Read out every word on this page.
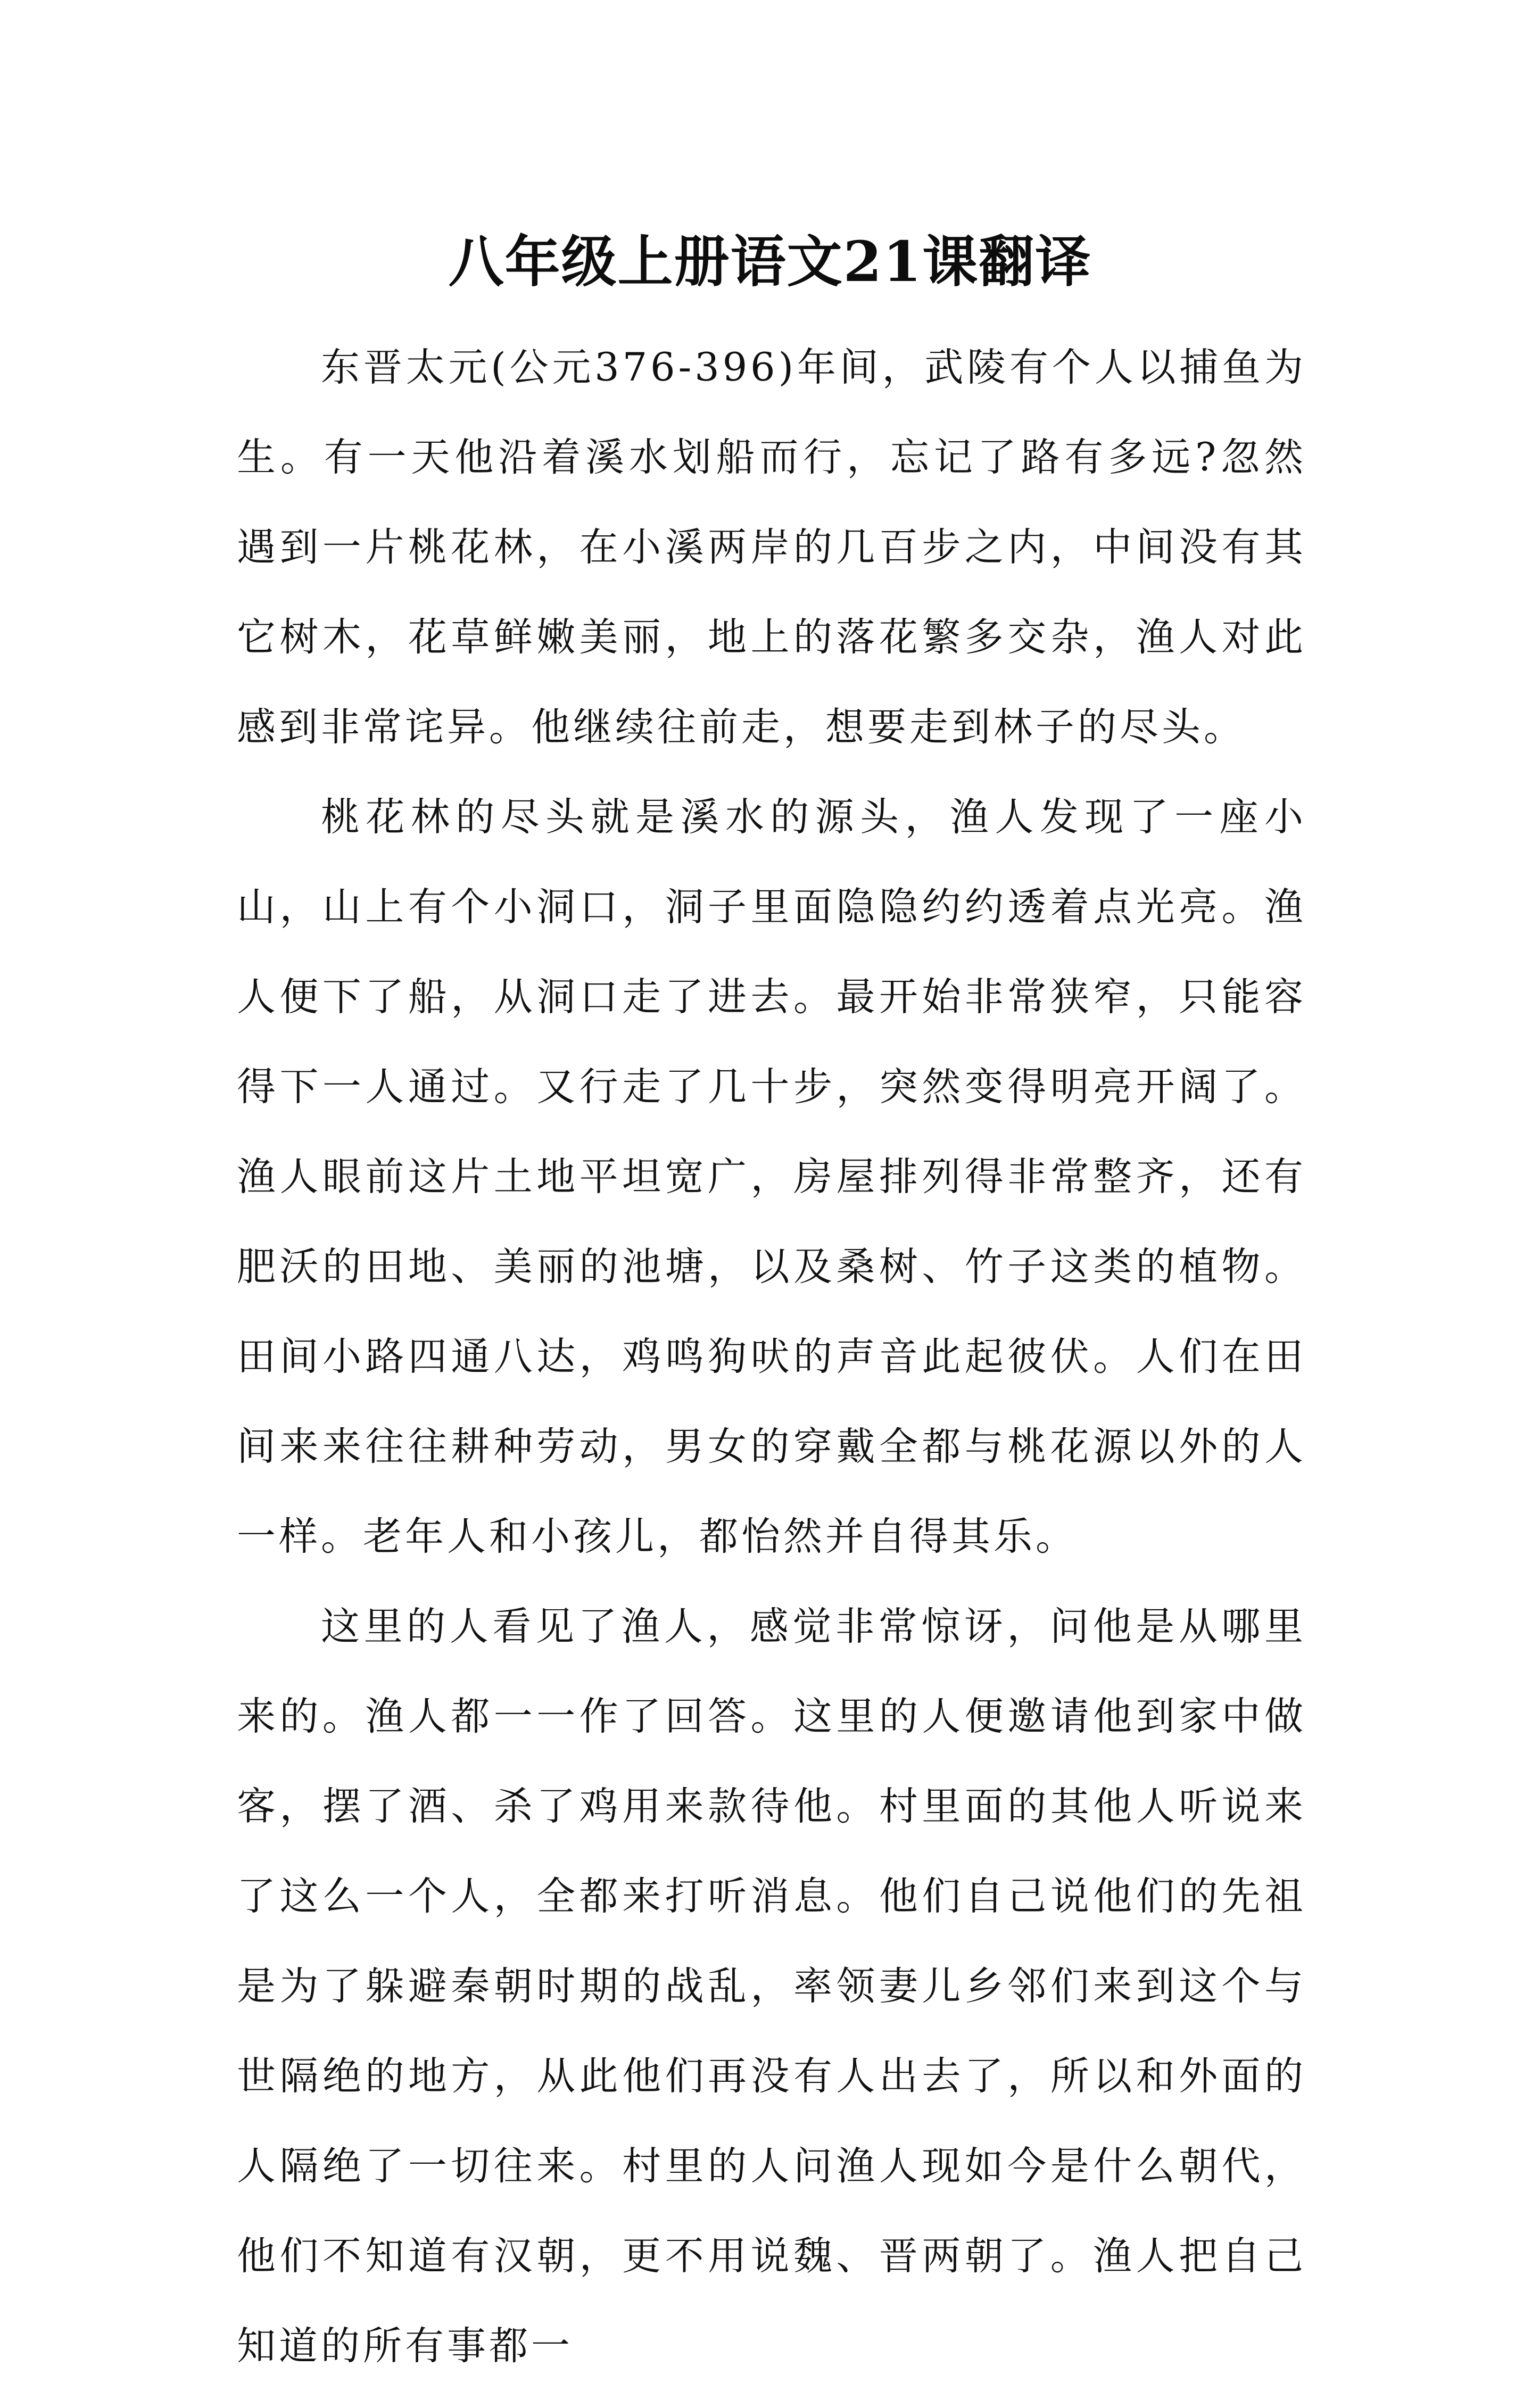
八年级上册语文21课翻译

东晋太元(公元376-396)年间，武陵有个人以捕鱼为生。有一天他沿着溪水划船而行，忘记了路有多远?忽然遇到一片桃花林，在小溪两岸的几百步之内，中间没有其它树木，花草鲜嫩美丽，地上的落花繁多交杂，渔人对此感到非常诧异。他继续往前走，想要走到林子的尽头。

桃花林的尽头就是溪水的源头，渔人发现了一座小山，山上有个小洞口，洞子里面隐隐约约透着点光亮。渔人便下了船，从洞口走了进去。最开始非常狭窄，只能容得下一人通过。又行走了几十步，突然变得明亮开阔了。渔人眼前这片土地平坦宽广，房屋排列得非常整齐，还有肥沃的田地、美丽的池塘，以及桑树、竹子这类的植物。田间小路四通八达，鸡鸣狗吠的声音此起彼伏。人们在田间来来往往耕种劳动，男女的穿戴全都与桃花源以外的人一样。老年人和小孩儿，都怡然并自得其乐。

这里的人看见了渔人，感觉非常惊讶，问他是从哪里来的。渔人都一一作了回答。这里的人便邀请他到家中做客，摆了酒、杀了鸡用来款待他。村里面的其他人听说来了这么一个人，全都来打听消息。他们自己说他们的先祖是为了躲避秦朝时期的战乱，率领妻儿乡邻们来到这个与世隔绝的地方，从此他们再没有人出去了，所以和外面的人隔绝了一切往来。村里的人问渔人现如今是什么朝代，他们不知道有汉朝，更不用说魏、晋两朝了。渔人把自己知道的所有事都一
